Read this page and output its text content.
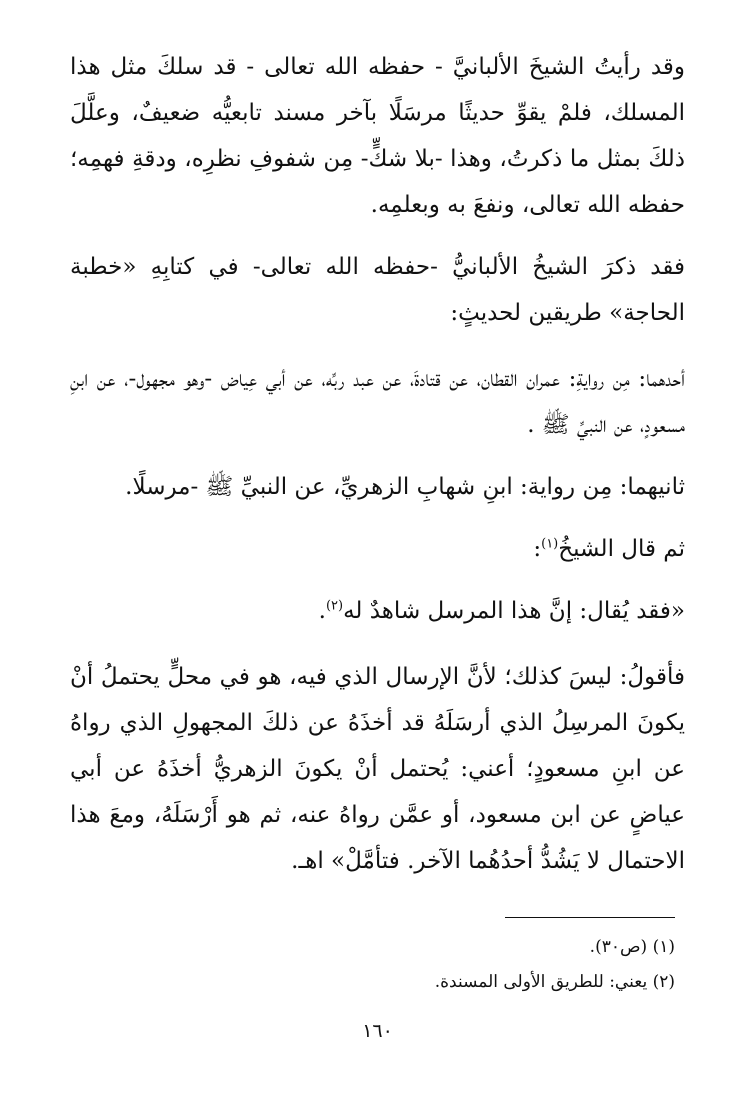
وقد رأيتُ الشيخَ الألبانيَّ - حفظه الله تعالى - قد سلكَ مثل هذا المسلك، فلمْ يقوِّ حديثًا مرسَلًا بآخر مسند تابعيُّه ضعيفٌ، وعلَّلَ ذلكَ بمثل ما ذكرتُ، وهذا -بلا شكٍّ- مِن شفوفِ نظرِه، ودقةِ فهمِه؛ حفظه الله تعالى، ونفعَ به وبعلمِه.

فقد ذكرَ الشيخُ الألبانيُّ -حفظه الله تعالى- في كتابِهِ «خطبة الحاجة» طريقين لحديثٍ:

أحدهما: مِن روايةِ: عمران القطان، عن قتادةَ، عن عبد ربِّه، عن أبي عِياض -وهو مجهول-، عن ابنِ مسعودٍ، عن النبيِّ ﷺ .

ثانيهما: مِن رواية: ابنِ شهابِ الزهريِّ، عن النبيِّ ﷺ -مرسلًا.

ثم قال الشيخُ$^{(١)}$:

«فقد يُقال: إنَّ هذا المرسل شاهدٌ له$^{(٢)}$.

فأقولُ: ليسَ كذلك؛ لأنَّ الإرسال الذي فيه، هو في محلٍّ يحتملُ أنْ يكونَ المرسِلُ الذي أرسَلَهُ قد أخذَهُ عن ذلكَ المجهولِ الذي رواهُ عن ابنِ مسعودٍ؛ أعني: يُحتمل أنْ يكونَ الزهريُّ أخذَهُ عن أبي عياضٍ عن ابن مسعود، أو عمَّن رواهُ عنه، ثم هو أَرْسَلَهُ، ومعَ هذا الاحتمال لا يَشُدُّ أحدُهُما الآخر. فتأمَّلْ» اهـ.

(١) (ص٣٠).

(٢) يعني: للطريق الأولى المسندة.

١٦٠
